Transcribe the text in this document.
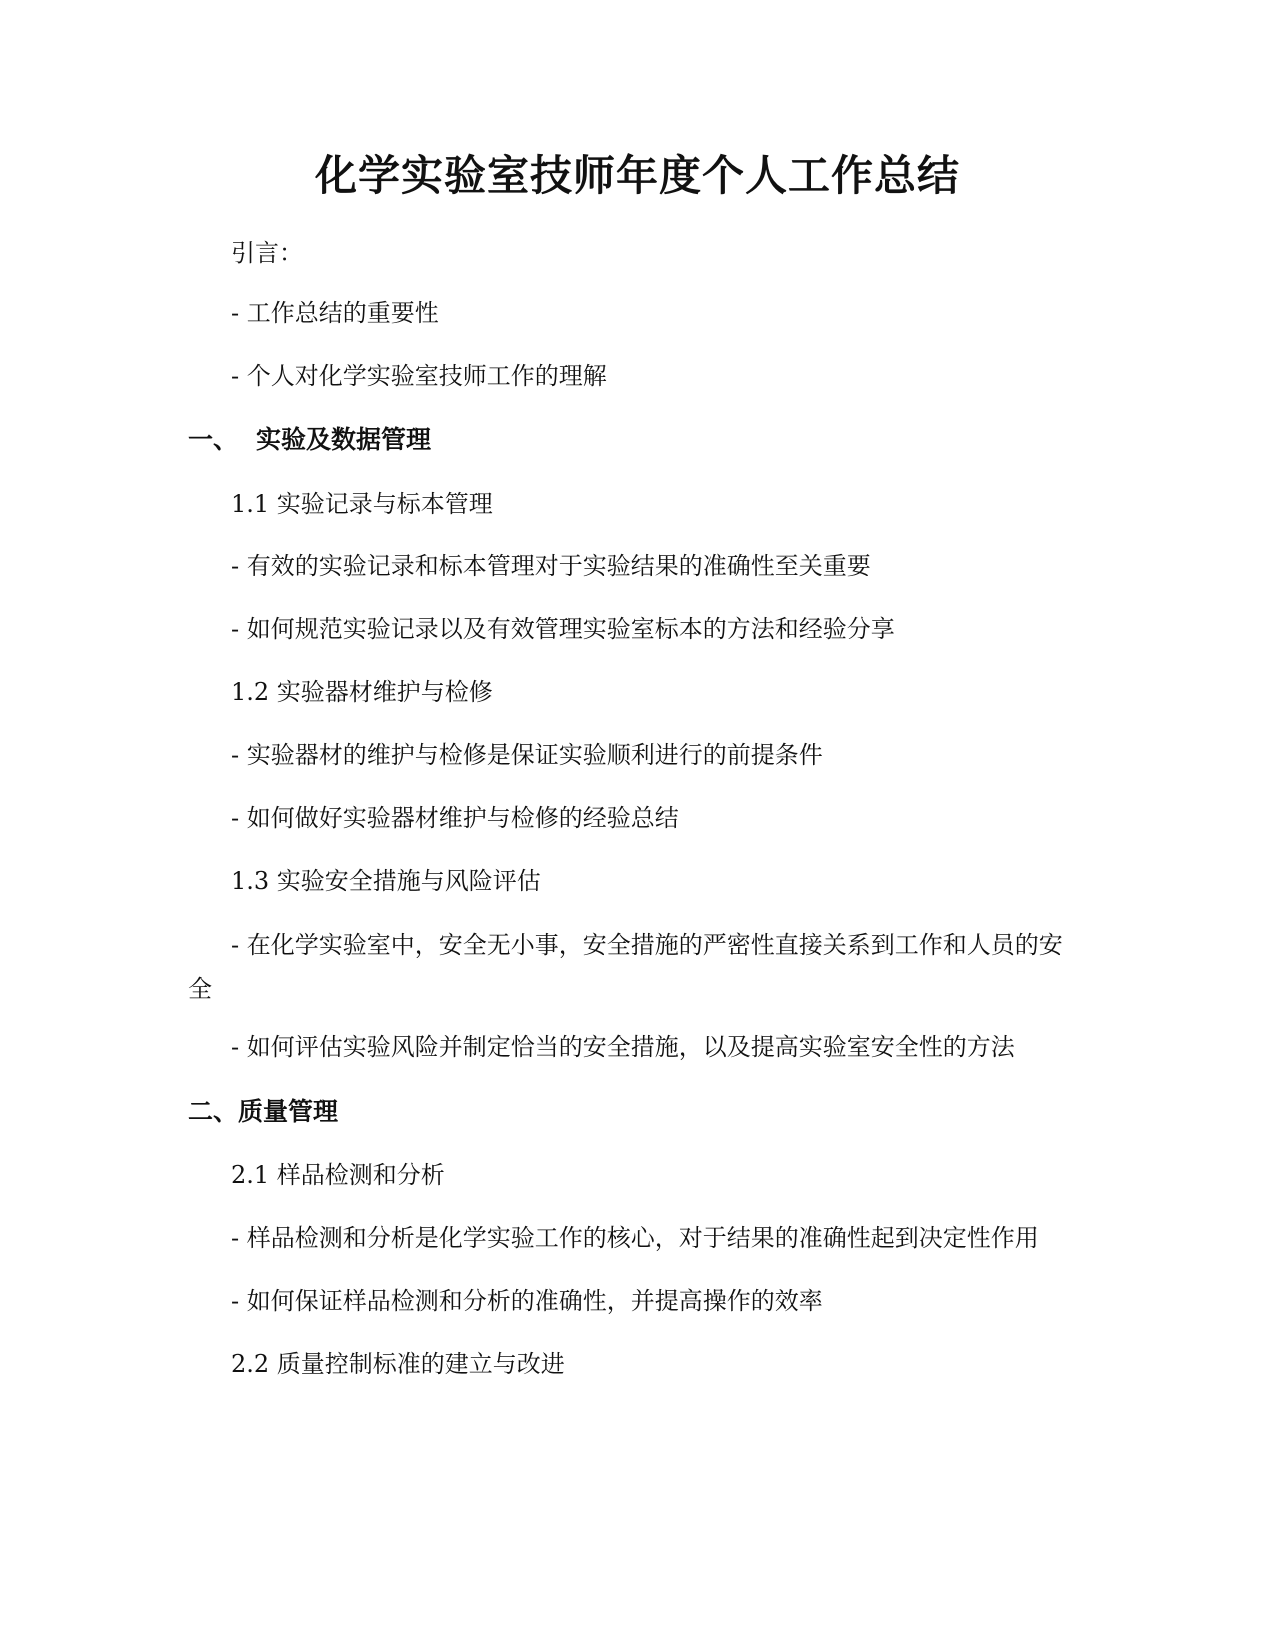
化学实验室技师年度个人工作总结

引言：

- 工作总结的重要性

- 个人对化学实验室技师工作的理解

一、 实验及数据管理

1.1 实验记录与标本管理

- 有效的实验记录和标本管理对于实验结果的准确性至关重要

- 如何规范实验记录以及有效管理实验室标本的方法和经验分享

1.2 实验器材维护与检修

- 实验器材的维护与检修是保证实验顺利进行的前提条件

- 如何做好实验器材维护与检修的经验总结

1.3 实验安全措施与风险评估

- 在化学实验室中，安全无小事，安全措施的严密性直接关系到工作和人员的安全

- 如何评估实验风险并制定恰当的安全措施，以及提高实验室安全性的方法

二、质量管理

2.1 样品检测和分析

- 样品检测和分析是化学实验工作的核心，对于结果的准确性起到决定性作用

- 如何保证样品检测和分析的准确性，并提高操作的效率

2.2 质量控制标准的建立与改进
